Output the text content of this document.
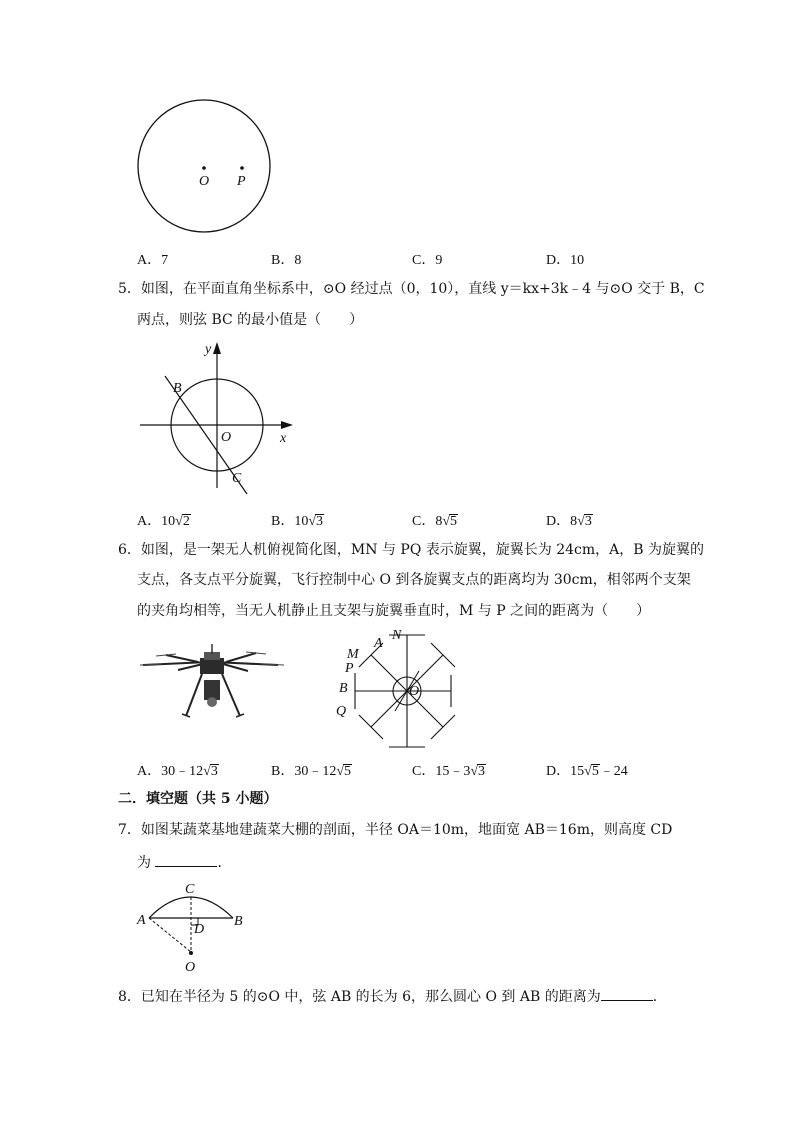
O P
A．7	B．8	C．9	D．10
5．如图，在平面直角坐标系中，⊙O 经过点（0，10），直线 y＝kx+3k﹣4 与⊙O 交于 B，C
两点，则弦 BC 的最小值是（　　）
y
x
O
B
C
A．10√2	B．10√3	C．8√5	D．8√3
6．如图，是一架无人机俯视简化图，MN 与 PQ 表示旋翼，旋翼长为 24cm，A，B 为旋翼的
支点，各支点平分旋翼，飞行控制中心 O 到各旋翼支点的距离均为 30cm，相邻两个支架
的夹角均相等，当无人机静止且支架与旋翼垂直时，M 与 P 之间的距离为（　　）
A
N
M
P
B	O
Q
A．30﹣12√3	B．30﹣12√5	C．15﹣3√3	D．15√5﹣24
二．填空题（共 5 小题）
7．如图某蔬菜基地建蔬菜大棚的剖面，半径 OA＝10m，地面宽 AB＝16m，则高度 CD
为	．
C
A	B
D
O
8．已知在半径为 5 的⊙O 中，弦 AB 的长为 6，那么圆心 O 到 AB 的距离为	．
